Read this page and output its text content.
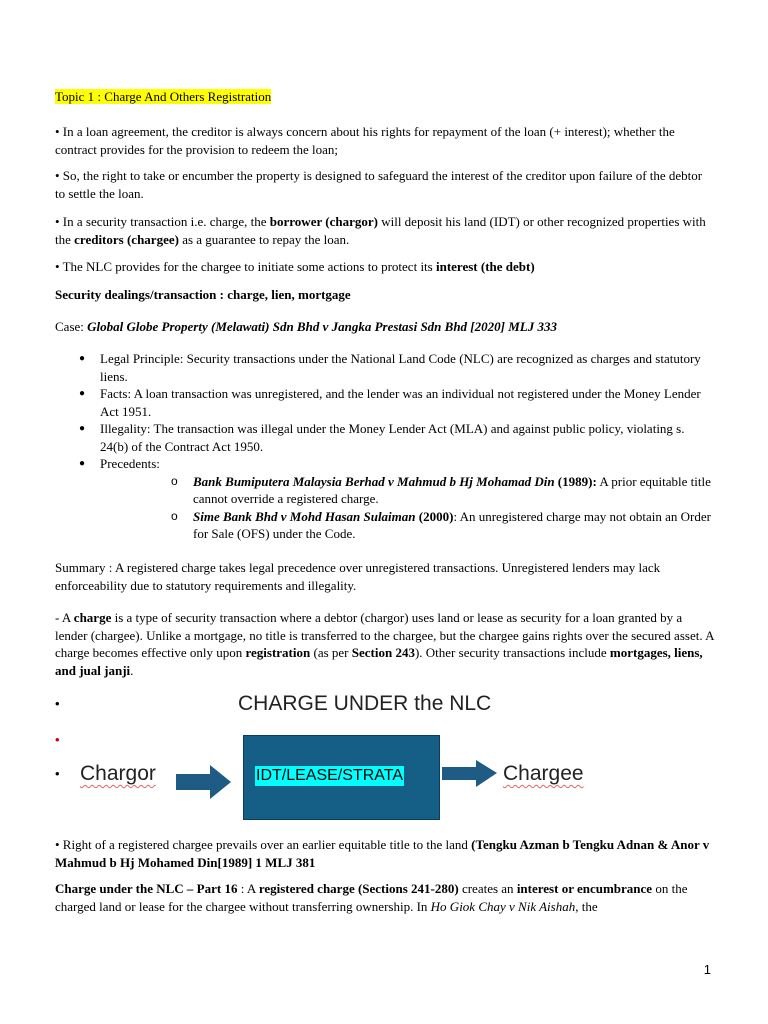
Topic 1 : Charge And Others Registration

• In a loan agreement, the creditor is always concern about his rights for repayment of the loan (+ interest); whether the contract provides for the provision to redeem the loan;

• So, the right to take or encumber the property is designed to safeguard the interest of the creditor upon failure of the debtor to settle the loan.

• In a security transaction i.e. charge, the borrower (chargor) will deposit his land (IDT) or other recognized properties with the creditors (chargee) as a guarantee to repay the loan.

• The NLC provides for the chargee to initiate some actions to protect its interest (the debt)

Security dealings/transaction : charge, lien, mortgage

Case: Global Globe Property (Melawati) Sdn Bhd v Jangka Prestasi Sdn Bhd [2020] MLJ 333

● Legal Principle: Security transactions under the National Land Code (NLC) are recognized as charges and statutory liens.
● Facts: A loan transaction was unregistered, and the lender was an individual not registered under the Money Lender Act 1951.
● Illegality: The transaction was illegal under the Money Lender Act (MLA) and against public policy, violating s. 24(b) of the Contract Act 1950.
● Precedents:
o Bank Bumiputera Malaysia Berhad v Mahmud b Hj Mohamad Din (1989): A prior equitable title cannot override a registered charge.
o Sime Bank Bhd v Mohd Hasan Sulaiman (2000): An unregistered charge may not obtain an Order for Sale (OFS) under the Code.

Summary : A registered charge takes legal precedence over unregistered transactions. Unregistered lenders may lack enforceability due to statutory requirements and illegality.

- A charge is a type of security transaction where a debtor (chargor) uses land or lease as security for a loan granted by a lender (chargee). Unlike a mortgage, no title is transferred to the chargee, but the chargee gains rights over the secured asset. A charge becomes effective only upon registration (as per Section 243). Other security transactions include mortgages, liens, and jual janji.

•
•
•
CHARGE UNDER the NLC
Chargor	IDT/LEASE/STRATA	Chargee

• Right of a registered chargee prevails over an earlier equitable title to the land (Tengku Azman b Tengku Adnan & Anor v Mahmud b Hj Mohamed Din[1989] 1 MLJ 381

Charge under the NLC – Part 16 : A registered charge (Sections 241-280) creates an interest or encumbrance on the charged land or lease for the chargee without transferring ownership. In Ho Giok Chay v Nik Aishah, the

1
